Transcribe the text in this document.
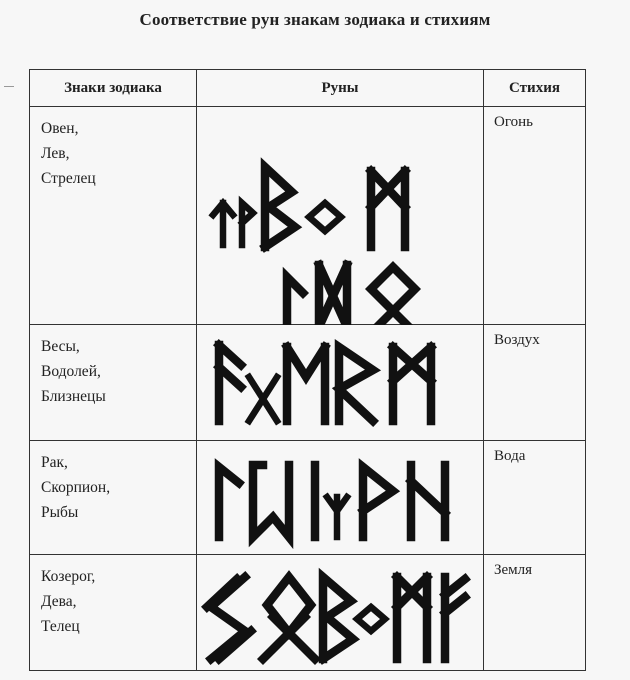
Соответствие рун знакам зодиака и стихиям
Знаки зодиака	Руны	Стихия

Овен,
Лев,
Стрелец		Огонь

Весы,
Водолей,
Близнецы		Воздух

Рак,
Скорпион,
Рыбы		Вода

Козерог,
Дева,
Телец		Земля
